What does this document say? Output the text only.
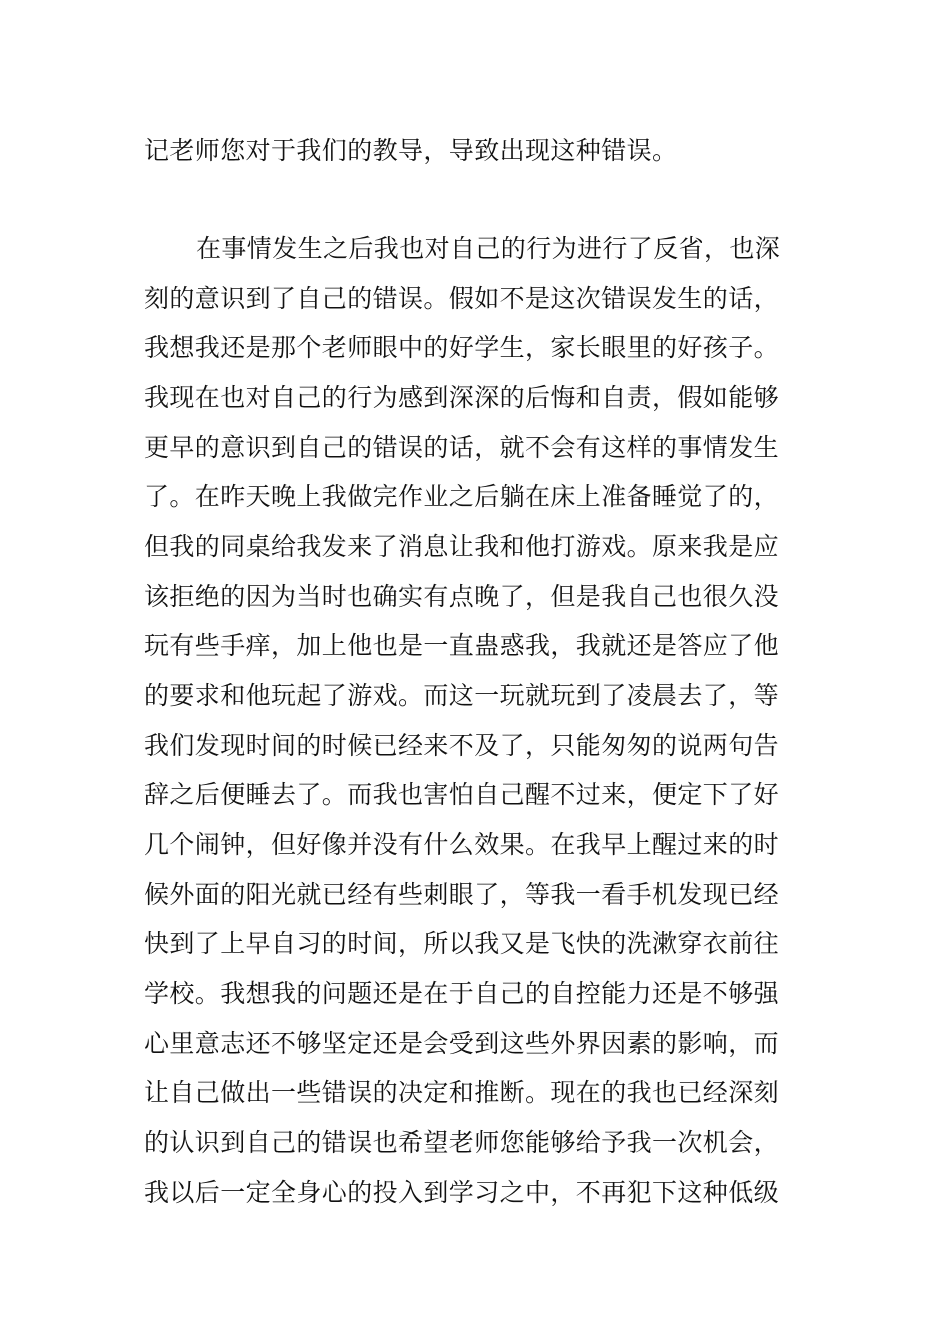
记老师您对于我们的教导，导致出现这种错误。
在事情发生之后我也对自己的行为进行了反省，也深
刻的意识到了自己的错误。假如不是这次错误发生的话，
我想我还是那个老师眼中的好学生，家长眼里的好孩子。
我现在也对自己的行为感到深深的后悔和自责，假如能够
更早的意识到自己的错误的话，就不会有这样的事情发生
了。在昨天晚上我做完作业之后躺在床上准备睡觉了的，
但我的同桌给我发来了消息让我和他打游戏。原来我是应
该拒绝的因为当时也确实有点晚了，但是我自己也很久没
玩有些手痒，加上他也是一直蛊惑我，我就还是答应了他
的要求和他玩起了游戏。而这一玩就玩到了凌晨去了，等
我们发现时间的时候已经来不及了，只能匆匆的说两句告
辞之后便睡去了。而我也害怕自己醒不过来，便定下了好
几个闹钟，但好像并没有什么效果。在我早上醒过来的时
候外面的阳光就已经有些刺眼了，等我一看手机发现已经
快到了上早自习的时间，所以我又是飞快的洗漱穿衣前往
学校。我想我的问题还是在于自己的自控能力还是不够强
心里意志还不够坚定还是会受到这些外界因素的影响，而
让自己做出一些错误的决定和推断。现在的我也已经深刻
的认识到自己的错误也希望老师您能够给予我一次机会，
我以后一定全身心的投入到学习之中，不再犯下这种低级
